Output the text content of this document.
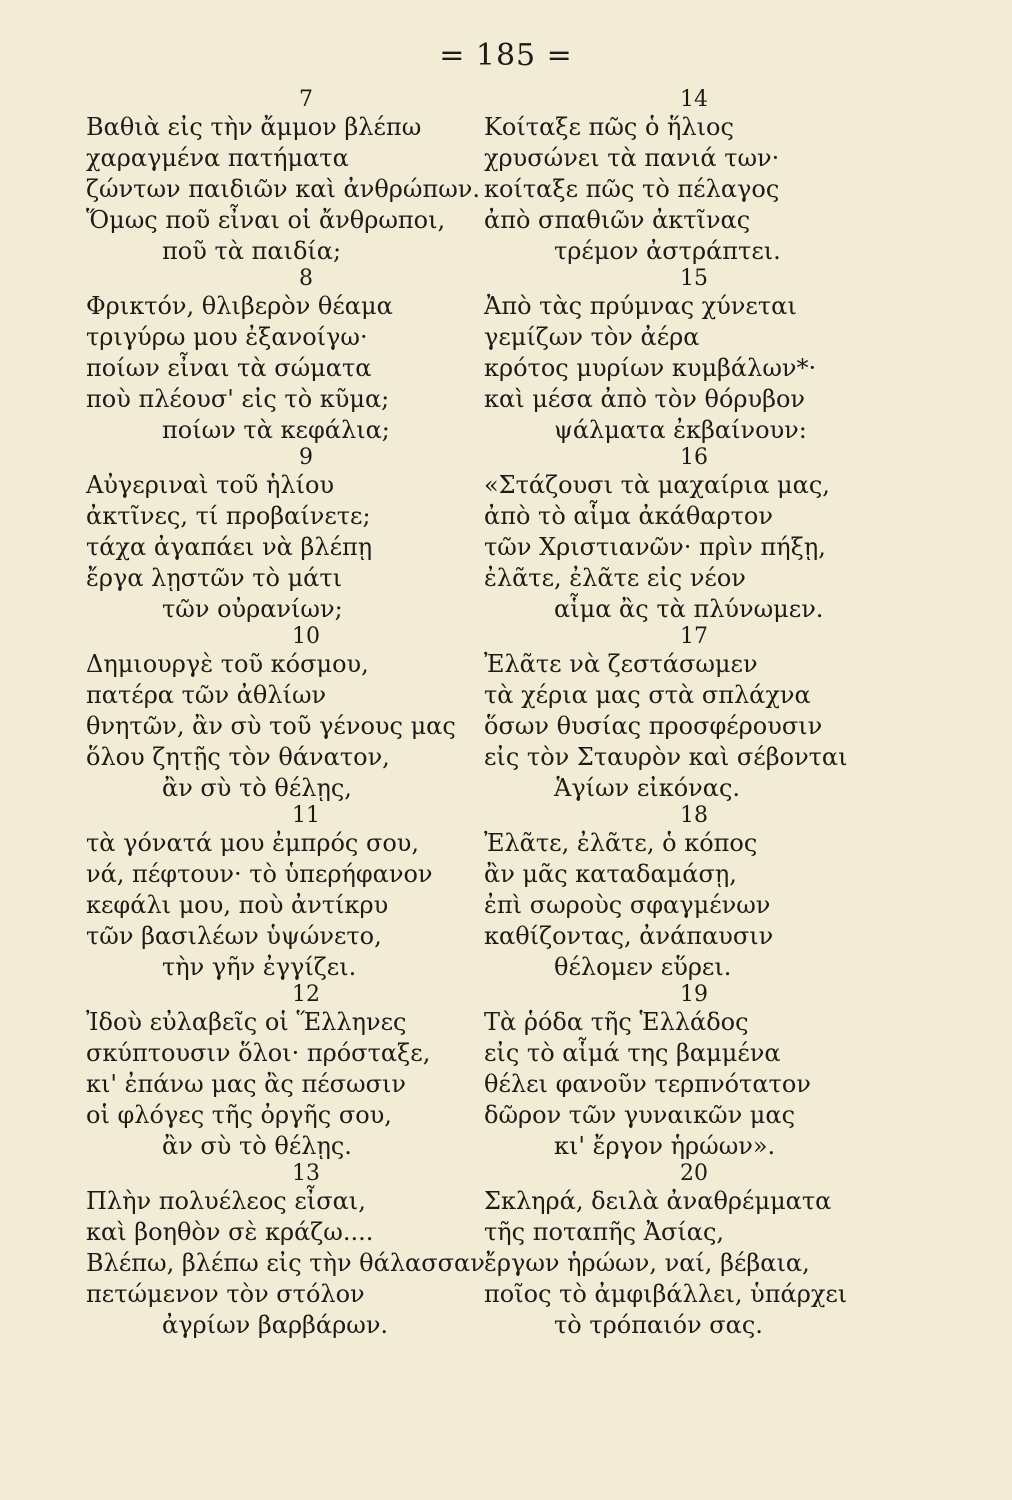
= 185 =
7
Βαθιὰ εἰς τὴν ἄμμον βλέπω
χαραγμένα πατήματα
ζώντων παιδιῶν καὶ ἀνθρώπων.
Ὅμως ποῦ εἶναι οἱ ἄνθρωποι,
ποῦ τὰ παιδία;
8
Φρικτόν, θλιβερὸν θέαμα
τριγύρω μου ἐξανοίγω·
ποίων εἶναι τὰ σώματα
ποὺ πλέουσ' εἰς τὸ κῦμα;
ποίων τὰ κεφάλια;
9
Αὐγεριναὶ τοῦ ἡλίου
ἀκτῖνες, τί προβαίνετε;
τάχα ἀγαπάει νὰ βλέπῃ
ἔργα λῃστῶν τὸ μάτι
τῶν οὐρανίων;
10
Δημιουργὲ τοῦ κόσμου,
πατέρα τῶν ἀθλίων
θνητῶν, ἂν σὺ τοῦ γένους μας
ὅλου ζητῇς τὸν θάνατον,
ἂν σὺ τὸ θέλῃς,
11
τὰ γόνατά μου ἐμπρός σου,
νά, πέφτουν· τὸ ὑπερήφανον
κεφάλι μου, ποὺ ἀντίκρυ
τῶν βασιλέων ὑψώνετο,
τὴν γῆν ἐγγίζει.
12
Ἰδοὺ εὐλαβεῖς οἱ Ἕλληνες
σκύπτουσιν ὅλοι· πρόσταξε,
κι' ἐπάνω μας ἂς πέσωσιν
οἱ φλόγες τῆς ὀργῆς σου,
ἂν σὺ τὸ θέλῃς.
13
Πλὴν πολυέλεος εἶσαι,
καὶ βοηθὸν σὲ κράζω....
Βλέπω, βλέπω εἰς τὴν θάλασσαν
πετώμενον τὸν στόλον
ἀγρίων βαρβάρων.
14
Κοίταξε πῶς ὁ ἥλιος
χρυσώνει τὰ πανιά των·
κοίταξε πῶς τὸ πέλαγος
ἀπὸ σπαθιῶν ἀκτῖνας
τρέμον ἀστράπτει.
15
Ἀπὸ τὰς πρύμνας χύνεται
γεμίζων τὸν ἀέρα
κρότος μυρίων κυμβάλων*·
καὶ μέσα ἀπὸ τὸν θόρυβον
ψάλματα ἐκβαίνουν:
16
«Στάζουσι τὰ μαχαίρια μας,
ἀπὸ τὸ αἷμα ἀκάθαρτον
τῶν Χριστιανῶν· πρὶν πήξῃ,
ἐλᾶτε, ἐλᾶτε εἰς νέον
αἷμα ἂς τὰ πλύνωμεν.
17
Ἐλᾶτε νὰ ζεστάσωμεν
τὰ χέρια μας στὰ σπλάχνα
ὅσων θυσίας προσφέρουσιν
εἰς τὸν Σταυρὸν καὶ σέβονται
Ἁγίων εἰκόνας.
18
Ἐλᾶτε, ἐλᾶτε, ὁ κόπος
ἂν μᾶς καταδαμάσῃ,
ἐπὶ σωροὺς σφαγμένων
καθίζοντας, ἀνάπαυσιν
θέλομεν εὕρει.
19
Τὰ ῥόδα τῆς Ἑλλάδος
εἰς τὸ αἷμά της βαμμένα
θέλει φανοῦν τερπνότατον
δῶρον τῶν γυναικῶν μας
κι' ἔργον ἡρώων».
20
Σκληρά, δειλὰ ἀναθρέμματα
τῆς ποταπῆς Ἀσίας,
ἔργων ἡρώων, ναί, βέβαια,
ποῖος τὸ ἀμφιβάλλει, ὑπάρχει
τὸ τρόπαιόν σας.
